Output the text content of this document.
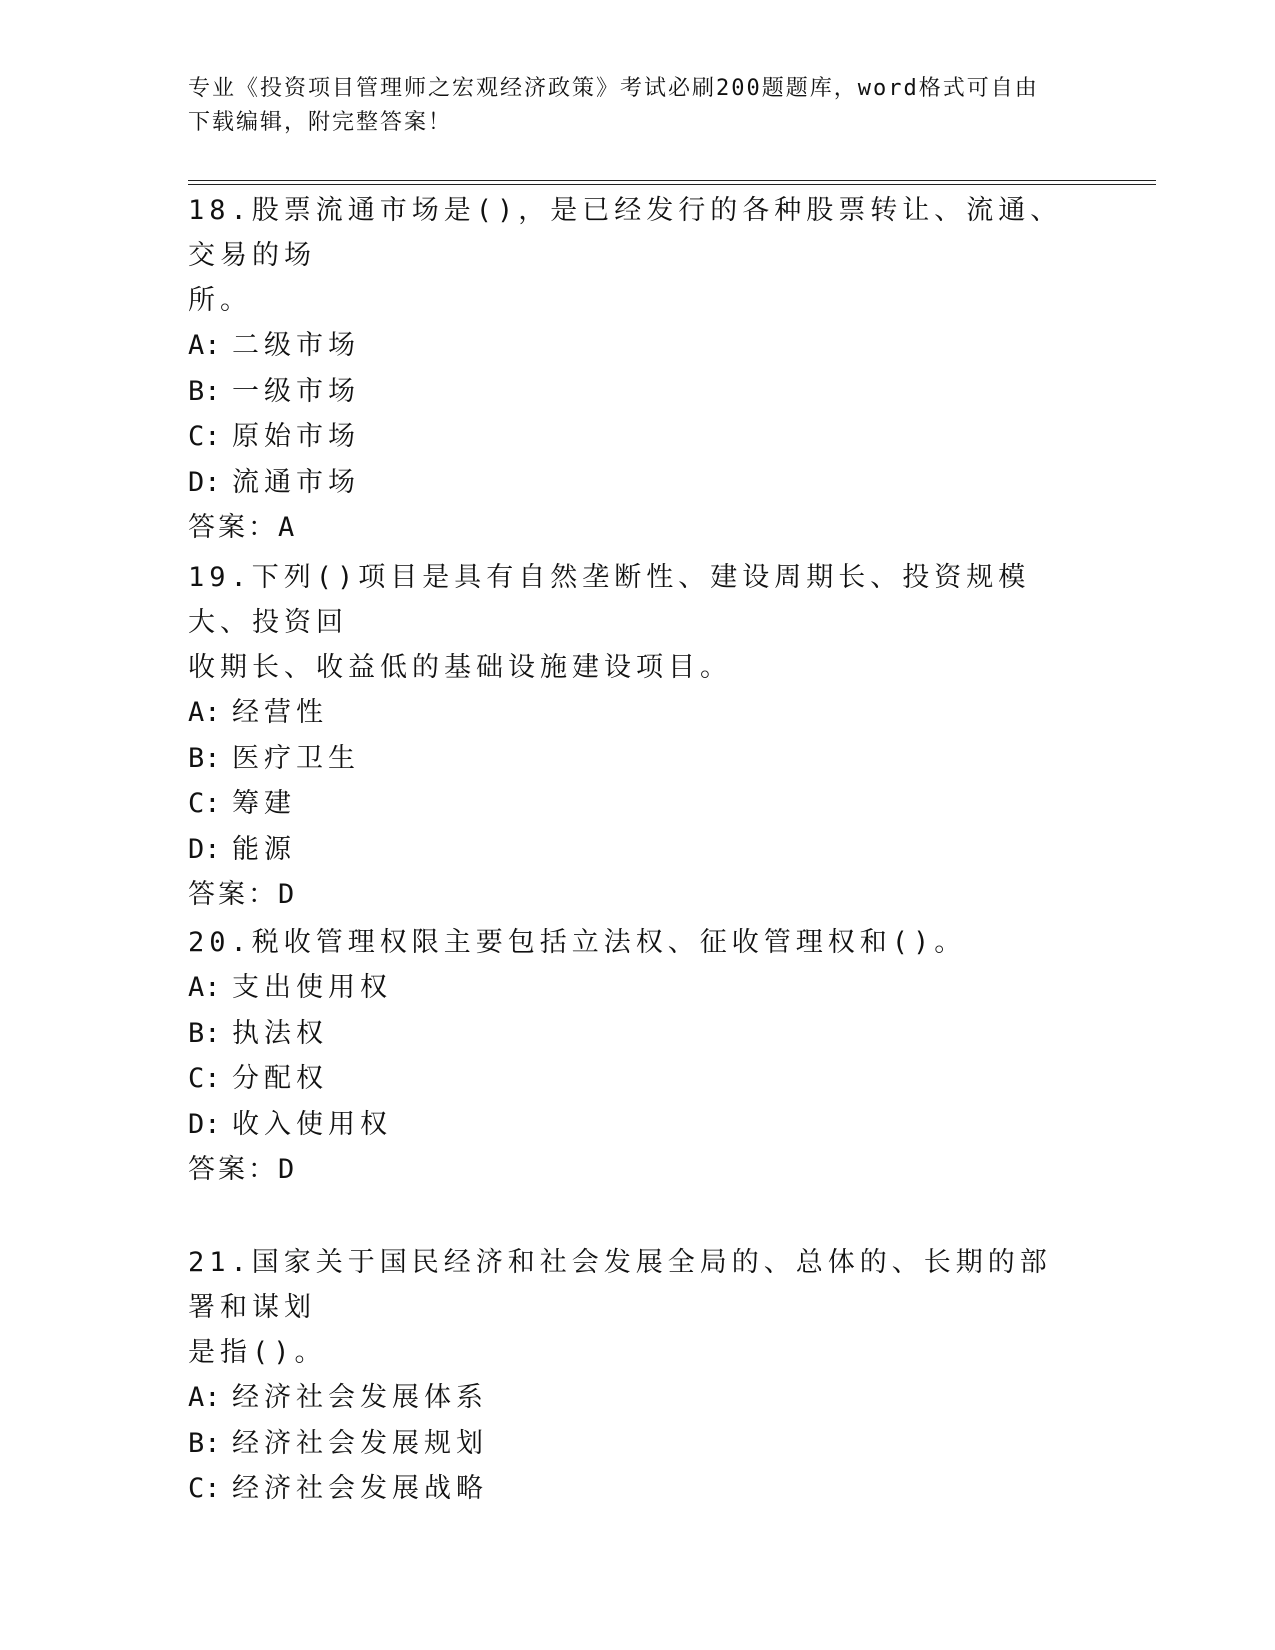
专业《投资项目管理师之宏观经济政策》考试必刷200题题库，word格式可自由
下载编辑，附完整答案！
18.股票流通市场是()，是已经发行的各种股票转让、流通、交易的场
所。
A: 二级市场
B: 一级市场
C: 原始市场
D: 流通市场
答案：A
19.下列()项目是具有自然垄断性、建设周期长、投资规模大、投资回
收期长、收益低的基础设施建设项目。
A: 经营性
B: 医疗卫生
C: 筹建
D: 能源
答案：D
20.税收管理权限主要包括立法权、征收管理权和()。
A: 支出使用权
B: 执法权
C: 分配权
D: 收入使用权
答案：D
21.国家关于国民经济和社会发展全局的、总体的、长期的部署和谋划
是指()。
A: 经济社会发展体系
B: 经济社会发展规划
C: 经济社会发展战略
